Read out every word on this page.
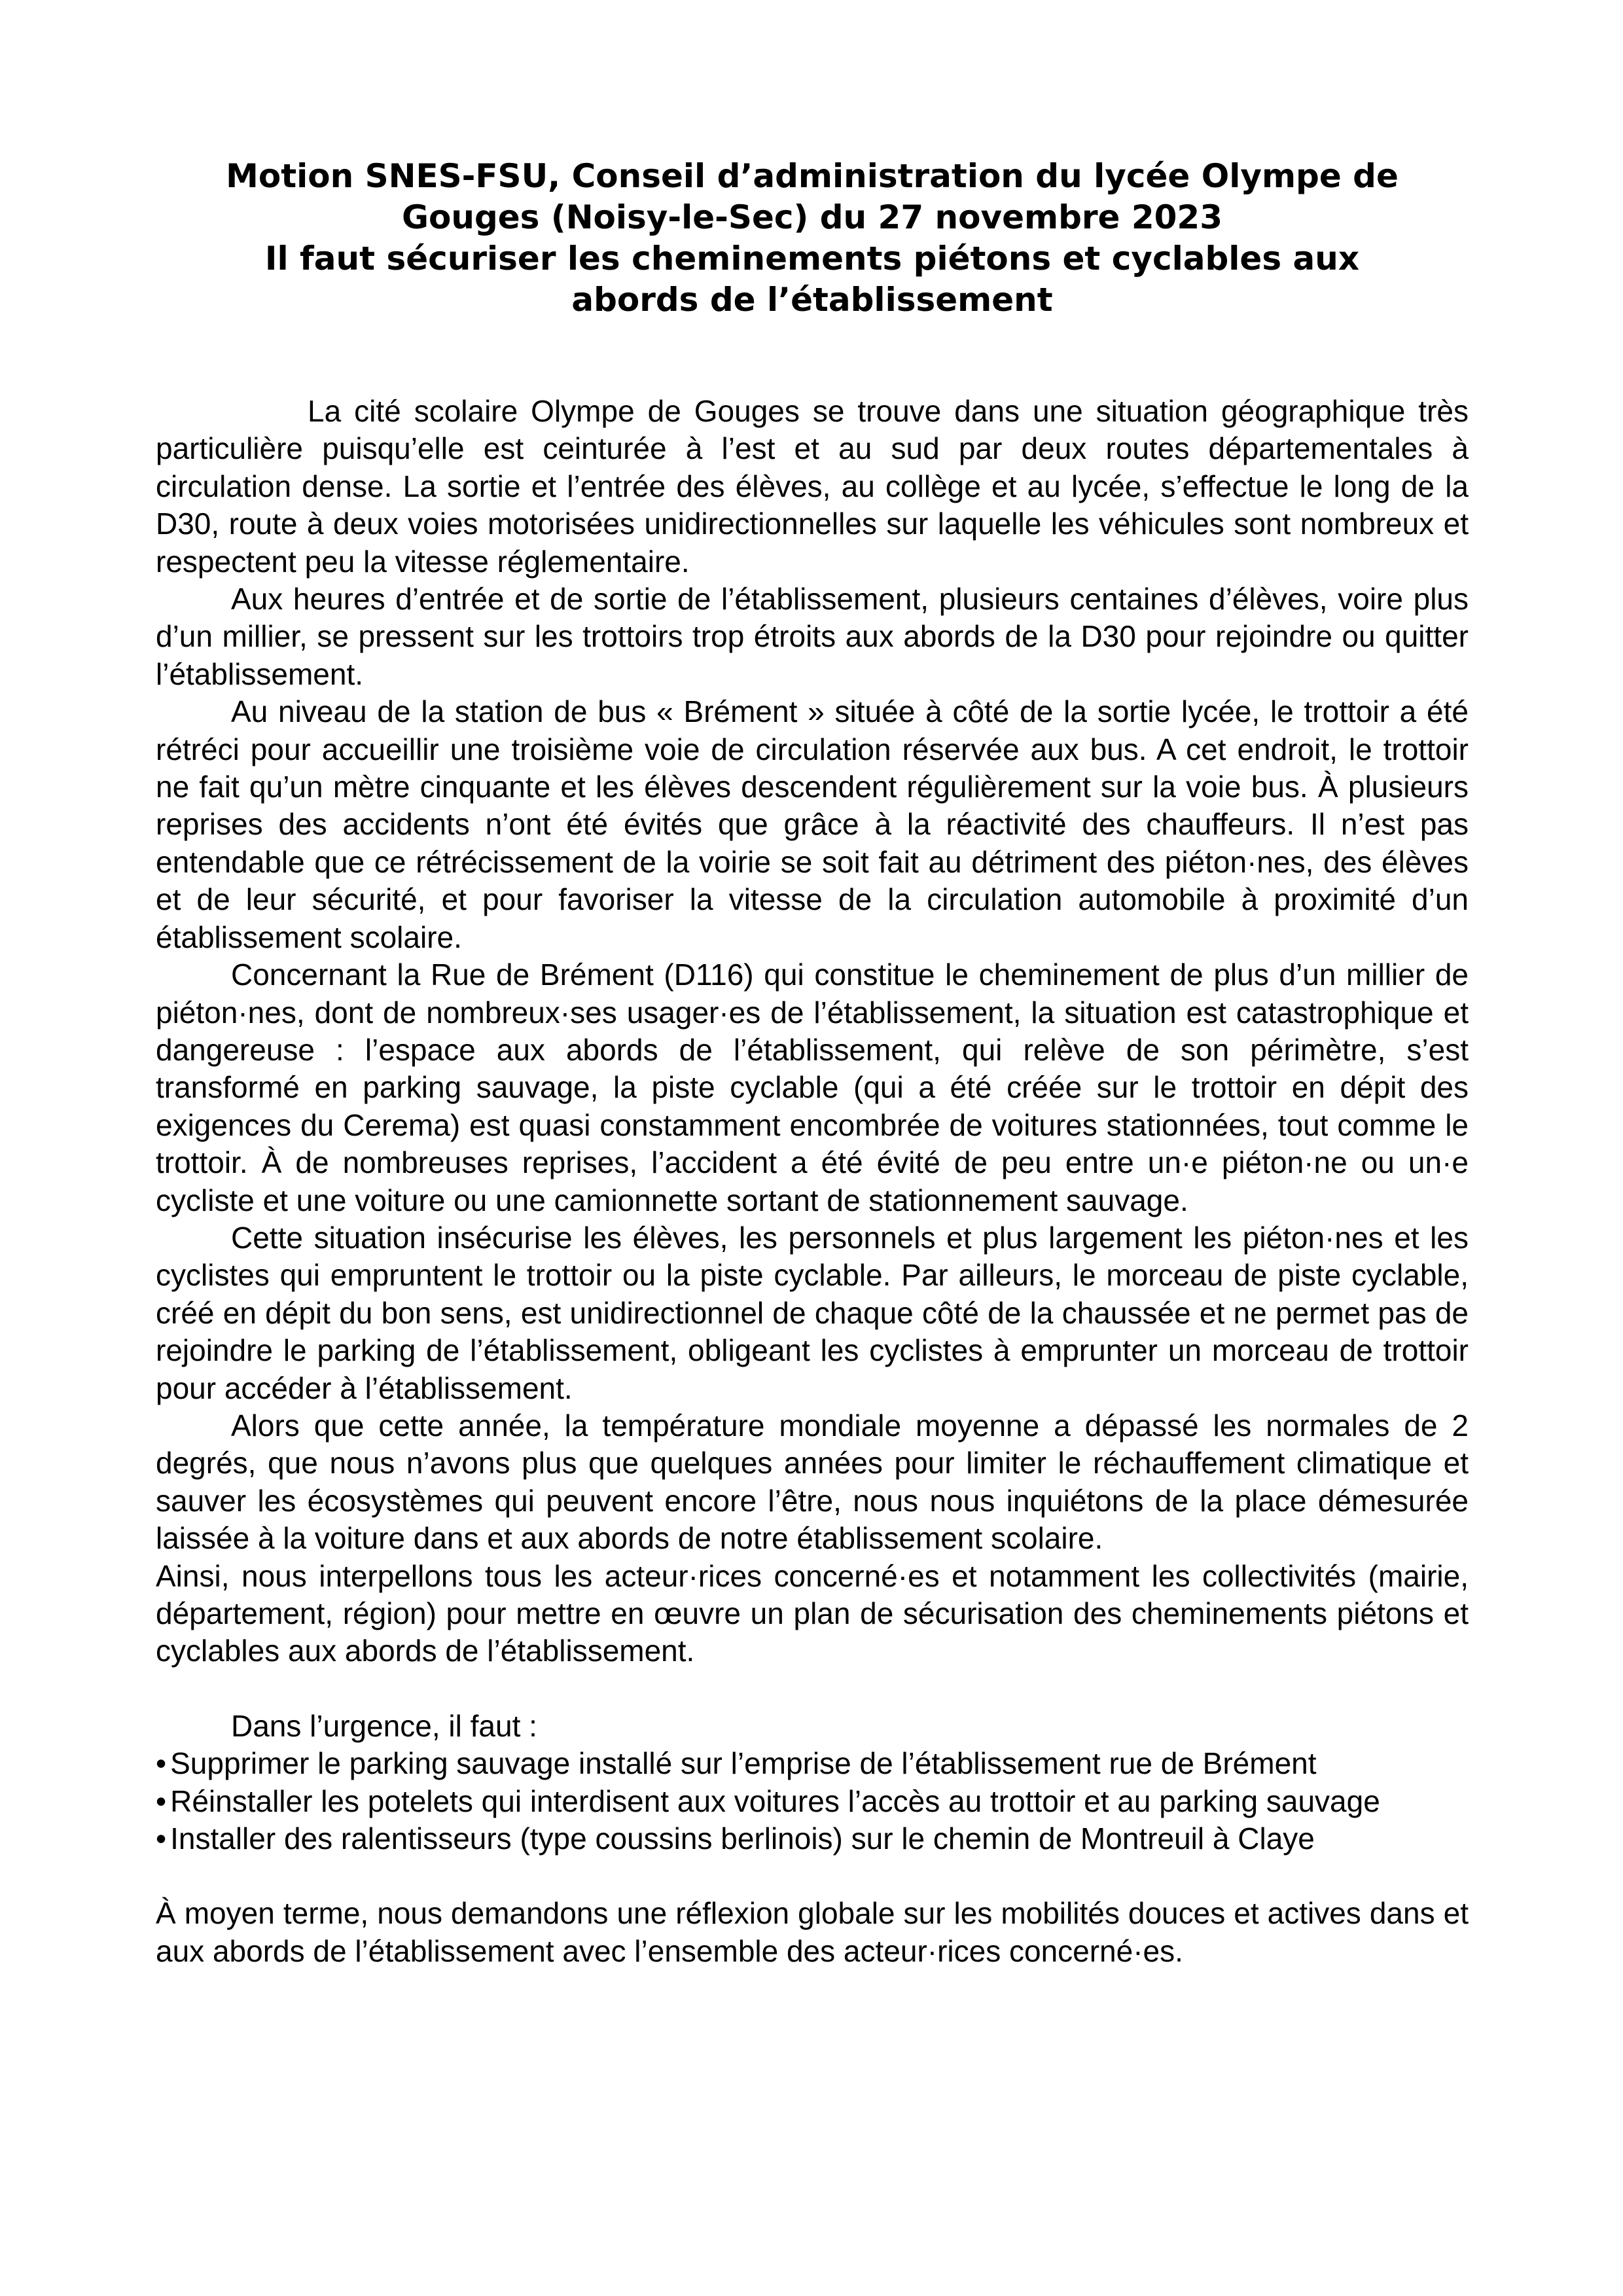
Motion SNES-FSU, Conseil d’administration du lycée Olympe de
Gouges (Noisy-le-Sec) du 27 novembre 2023
Il faut sécuriser les cheminements piétons et cyclables aux
abords de l’établissement

La cité scolaire Olympe de Gouges se trouve dans une situation géographique très particulière puisqu’elle est ceinturée à l’est et au sud par deux routes départementales à circulation dense. La sortie et l’entrée des élèves, au collège et au lycée, s’effectue le long de la D30, route à deux voies motorisées unidirectionnelles sur laquelle les véhicules sont nombreux et respectent peu la vitesse réglementaire.

Aux heures d’entrée et de sortie de l’établissement, plusieurs centaines d’élèves, voire plus d’un millier, se pressent sur les trottoirs trop étroits aux abords de la D30 pour rejoindre ou quitter l’établissement.

Au niveau de la station de bus « Brément » située à côté de la sortie lycée, le trottoir a été rétréci pour accueillir une troisième voie de circulation réservée aux bus. A cet endroit, le trottoir ne fait qu’un mètre cinquante et les élèves descendent régulièrement sur la voie bus. À plusieurs reprises des accidents n’ont été évités que grâce à la réactivité des chauffeurs. Il n’est pas entendable que ce rétrécissement de la voirie se soit fait au détriment des piéton·nes, des élèves et de leur sécurité, et pour favoriser la vitesse de la circulation automobile à proximité d’un établissement scolaire.

Concernant la Rue de Brément (D116) qui constitue le cheminement de plus d’un millier de piéton·nes, dont de nombreux·ses usager·es de l’établissement, la situation est catastrophique et dangereuse : l’espace aux abords de l’établissement, qui relève de son périmètre, s’est transformé en parking sauvage, la piste cyclable (qui a été créée sur le trottoir en dépit des exigences du Cerema) est quasi constamment encombrée de voitures stationnées, tout comme le trottoir. À de nombreuses reprises, l’accident a été évité de peu entre un·e piéton·ne ou un·e cycliste et une voiture ou une camionnette sortant de stationnement sauvage.

Cette situation insécurise les élèves, les personnels et plus largement les piéton·nes et les cyclistes qui empruntent le trottoir ou la piste cyclable. Par ailleurs, le morceau de piste cyclable, créé en dépit du bon sens, est unidirectionnel de chaque côté de la chaussée et ne permet pas de rejoindre le parking de l’établissement, obligeant les cyclistes à emprunter un morceau de trottoir pour accéder à l’établissement.

Alors que cette année, la température mondiale moyenne a dépassé les normales de 2 degrés, que nous n’avons plus que quelques années pour limiter le réchauffement climatique et sauver les écosystèmes qui peuvent encore l’être, nous nous inquiétons de la place démesurée laissée à la voiture dans et aux abords de notre établissement scolaire.

Ainsi, nous interpellons tous les acteur·rices concerné·es et notamment les collectivités (mairie, département, région) pour mettre en œuvre un plan de sécurisation des cheminements piétons et cyclables aux abords de l’établissement.

Dans l’urgence, il faut :

• Supprimer le parking sauvage installé sur l’emprise de l’établissement rue de Brément
• Réinstaller les potelets qui interdisent aux voitures l’accès au trottoir et au parking sauvage
• Installer des ralentisseurs (type coussins berlinois) sur le chemin de Montreuil à Claye

À moyen terme, nous demandons une réflexion globale sur les mobilités douces et actives dans et aux abords de l’établissement avec l’ensemble des acteur·rices concerné·es.
